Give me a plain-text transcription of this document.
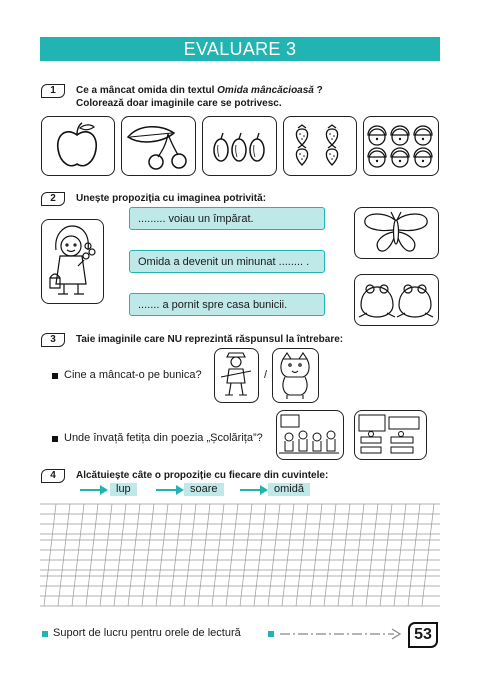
EVALUARE 3
1	Ce a mâncat omida din textul Omida mâncăcioasă ?
Colorează doar imaginile care se potrivesc.
2	Unește propoziția cu imaginea potrivită:
......... voiau un împărat.
Omida a devenit un minunat ........ .
....... a pornit spre casa bunicii.
3	Taie imaginile care NU reprezintă răspunsul la întrebare:
Cine a mâncat-o pe bunica?	/
Unde învață fetița din poezia „Școlărița”?
4	Alcătuiește câte o propoziție cu fiecare din cuvintele:
lup	soare	omidă
Suport de lucru pentru orele de lectură	53
